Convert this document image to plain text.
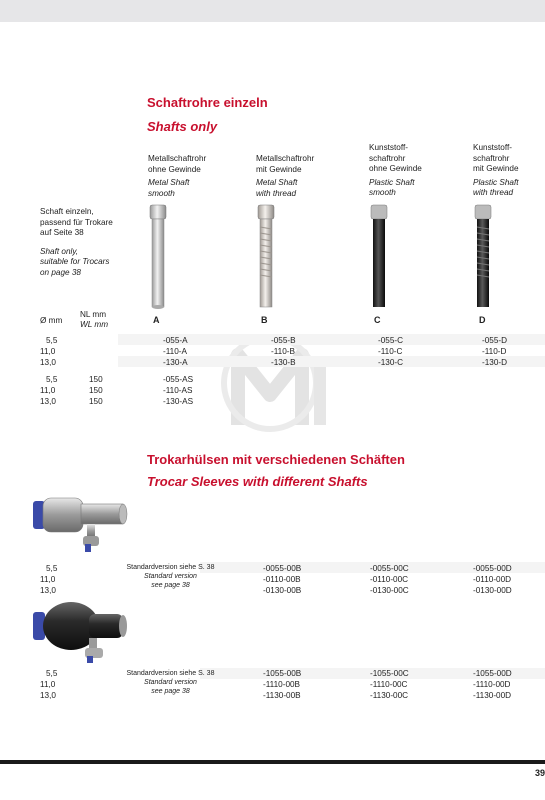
Schaftrohre einzeln
Shafts only
Metallschaftrohr
ohne Gewinde
Metal Shaft
smooth
Metallschaftrohr
mit Gewinde
Metal Shaft
with thread
Kunststoff-
schaftrohr
ohne Gewinde
Plastic Shaft
smooth
Kunststoff-
schaftrohr
mit Gewinde
Plastic Shaft
with thread
Schaft einzeln,
passend für Trokare
auf Seite 38
Shaft only,
suitable for Trocars
on page 38
Ø mm
NL mm
WL mm	A	B	C	D
5,5	-055-A	-055-B	-055-C	-055-D
11,0	-110-A	-110-B	-110-C	-110-D
13,0	-130-A	-130-B	-130-C	-130-D
5,5	150	-055-AS
11,0	150	-110-AS
13,0	150	-130-AS
Trokarhülsen mit verschiedenen Schäften
Trocar Sleeves with different Shafts
Standardversion siehe S. 38
Standard version
see page 38
5,5	-0055-00B	-0055-00C	-0055-00D
11,0	-0110-00B	-0110-00C	-0110-00D
13,0	-0130-00B	-0130-00C	-0130-00D
Standardversion siehe S. 38
Standard version
see page 38
5,5	-1055-00B	-1055-00C	-1055-00D
11,0	-1110-00B	-1110-00C	-1110-00D
13,0	-1130-00B	-1130-00C	-1130-00D
39
